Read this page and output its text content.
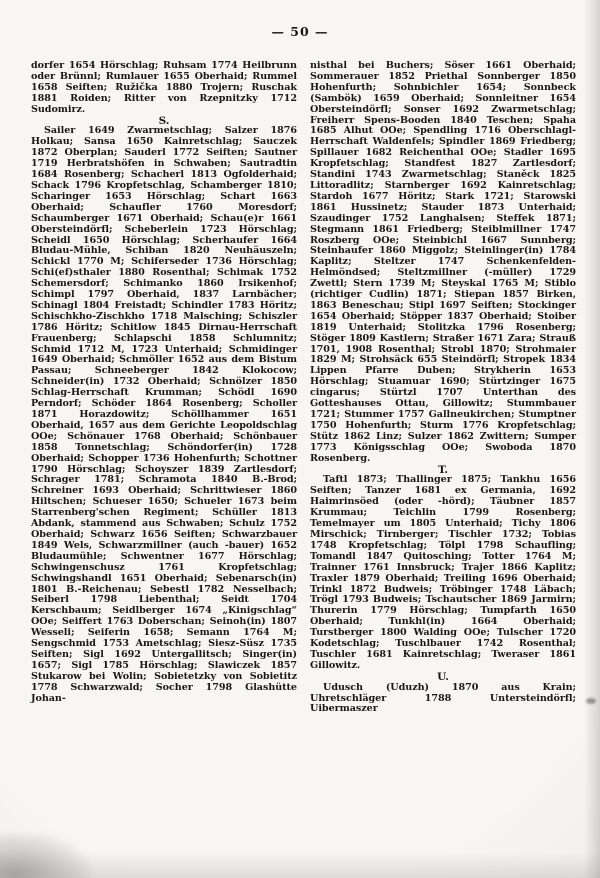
— 50 —

dorfer 1654 Hörschlag; Ruhsam 1774 Heilbrunn oder Brünnl; Rumlauer 1655 Oberhaid; Rummel 1658 Seiften; Ružička 1880 Trojern; Ruschak 1881 Roiden; Ritter von Rzepnitzky 1712 Sudomirz.

S.

Sailer 1649 Zwarmetschlag; Salzer 1876 Holkau; Sansa 1650 Kainretschlag; Sauczek 1872 Oberplan; Sauderl 1772 Seiften; Sautner 1719 Herbratshöfen in Schwaben; Sautradtin 1684 Rosenberg; Schacherl 1813 Ogfolderhaid; Schack 1796 Kropfetschlag, Schamberger 1810; Scharinger 1653 Hörschlag; Schart 1663 Oberhaid; Schaufler 1760 Moresdorf; Schaumberger 1671 Oberhaid; Schau(e)r 1661 Obersteindörfl; Scheberlein 1723 Hörschlag; Scheidl 1650 Hörschlag; Scherhaufer 1664 Bludau-Mühle, Schiban 1820 Neuhäuszeln; Schickl 1770 M; Schiferseder 1736 Hörschlag; Schi(ef)sthaler 1880 Rosenthal; Schimak 1752 Schemersdorf; Schimanko 1860 Irsikenhof; Schimpl 1797 Oberhaid, 1837 Larnbächer; Schinagl 1804 Freistadt; Schindler 1783 Höritz; Schischkho-Zischkho 1718 Malsching; Schiszler 1786 Höritz; Schitlow 1845 Dirnau-Herrschaft Frauenberg; Schlapschi 1858 Schlumnitz; Schmid 1712 M, 1723 Unterhaid; Schmidinger 1649 Oberhaid; Schmöller 1652 aus dem Bistum Passau; Schneeberger 1842 Klokocow; Schneider(in) 1732 Oberhaid; Schnölzer 1850 Schlag-Herrschaft Krumman; Schödl 1690 Perndorf; Schöder 1864 Rosenberg; Scholler 1871 Horazdowitz; Schöllhammer 1651 Oberhaid, 1657 aus dem Gerichte Leopoldschlag OOe; Schönauer 1768 Oberhaid; Schönbauer 1858 Tonnetschlag; Schöndorfer(in) 1728 Oberhaid; Schopper 1736 Hohenfurth; Schottner 1790 Hörschlag; Schoyszer 1839 Zartlesdorf; Schrager 1781; Schramota 1840 B.-Brod; Schreiner 1693 Oberhaid; Schrittwieser 1860 Hiltschen; Schueser 1650; Schueler 1673 beim Starrenberg'schen Regiment; Schüller 1813 Abdank, stammend aus Schwaben; Schulz 1752 Oberhaid; Schwarz 1656 Seiften; Schwarzbauer 1849 Wels, Schwarzmillner (auch -bauer) 1652 Bludaumühle; Schwentner 1677 Hörschlag; Schwingenschusz 1761 Kropfetschlag; Schwingshandl 1651 Oberhaid; Sebenarsch(in) 1801 B.-Reichenau; Sebestl 1782 Nesselbach; Seiberl 1798 Liebenthal; Seidt 1704 Kerschbaum; Seidlberger 1674 „Kinigschlag“ OOe; Seiffert 1763 Doberschan; Seinoh(in) 1807 Wesseli; Seiferin 1658; Semann 1764 M; Sengschmid 1753 Ametschlag; Siesz-Süsz 1735 Seiften; Sigl 1692 Untergallitsch; Singer(in) 1657; Sigl 1785 Hörschlag; Slawiczek 1857 Stukarow bei Wolin; Sobietetzky von Sobietitz 1778 Schwarzwald; Socher 1798 Glashütte Johan-

nisthal bei Buchers; Söser 1661 Oberhaid; Sommerauer 1852 Priethal Sonnberger 1850 Hohenfurth; Sohnbichler 1654; Sonnbeck (Sambök) 1659 Oberhaid; Sonnleitner 1654 Obersteindörfl; Sonser 1692 Zwarmetschlag; Freiherr Spens-Booden 1840 Teschen; Spaha 1685 Alhut OOe; Spendling 1716 Oberschlagl-Herrschaft Waldenfels; Spindler 1869 Friedberg; Spillauer 1682 Reichenthal OOe; Stadler 1695 Kropfetschlag; Standfest 1827 Zartlesdorf; Standini 1743 Zwarmetschlag; Staněck 1825 Littoradlitz; Starnberger 1692 Kainretschlag; Stardoh 1677 Höritz; Stark 1721; Starowski 1861 Hussinetz; Stauder 1873 Unterhaid; Szaudinger 1752 Langhalsen; Steffek 1871; Stegmann 1861 Friedberg; Steiblmillner 1747 Roszberg OOe; Steinbichl 1667 Sunnberg; Steinhaufer 1860 Miggolz; Steinlinger(in) 1784 Kaplitz; Steltzer 1747 Schenkenfelden-Helmöndsed; Steltzmillner (-müller) 1729 Zwettl; Stern 1739 M; Steyskal 1765 M; Stiblo (richtiger Cudlin) 1871; Stiepan 1857 Birken, 1863 Beneschau; Stipl 1697 Seiften; Stockinger 1654 Oberhaid; Stöpper 1837 Oberhaid; Stoiber 1819 Unterhaid; Stolitzka 1796 Rosenberg; Stöger 1809 Kastlern; Straßer 1671 Zara; Strauß 1701, 1908 Rosenthal; Strobl 1870; Strohmaier 1829 M; Strohsäck 655 Steindörfl; Stropek 1834 Lippen Pfarre Duben; Strykherin 1653 Hörschlag; Stuamuar 1690; Stürtzinger 1675 cingarus; Stürtzl 1707 Unterthan des Gotteshauses Ottau, Gillowitz; Stummbauer 1721; Stummer 1757 Gallneukirchen; Stumptner 1750 Hohenfurth; Sturm 1776 Kropfetschlag; Stütz 1862 Linz; Sulzer 1862 Zwittern; Sumper 1773 Königsschlag OOe; Swoboda 1870 Rosenberg.

T.

Taftl 1873; Thallinger 1875; Tankhu 1656 Seiften; Tanzer 1681 ex Germania, 1692 Haimrinsöed (oder -hörd); Täubner 1857 Krummau; Teichlin 1799 Rosenberg; Temelmayer um 1805 Unterhaid; Tichy 1806 Mirschick; Tirnberger; Tischler 1732; Tobias 1748 Kropfetschlag; Tölpl 1798 Schaufling; Tomandl 1847 Quitosching; Totter 1764 M; Trainner 1761 Innsbruck; Trajer 1866 Kaplitz; Traxler 1879 Oberhaid; Treiling 1696 Oberhaid; Trinkl 1872 Budweis; Tröbinger 1748 Läbach; Trögl 1793 Budweis; Tschautscher 1869 Jarmirn; Thurerin 1779 Hörschlag; Tumpfarth 1650 Oberhaid; Tunkhl(in) 1664 Oberhaid; Turstberger 1800 Walding OOe; Tulscher 1720 Kodetschlag; Tuschlbauer 1742 Rosenthal; Tuschler 1681 Kainretschlag; Tweraser 1861 Gillowitz.

U.

Udusch (Uduzh) 1870 aus Krain; Uhretschläger 1788 Untersteindörfl; Uibermaszer
